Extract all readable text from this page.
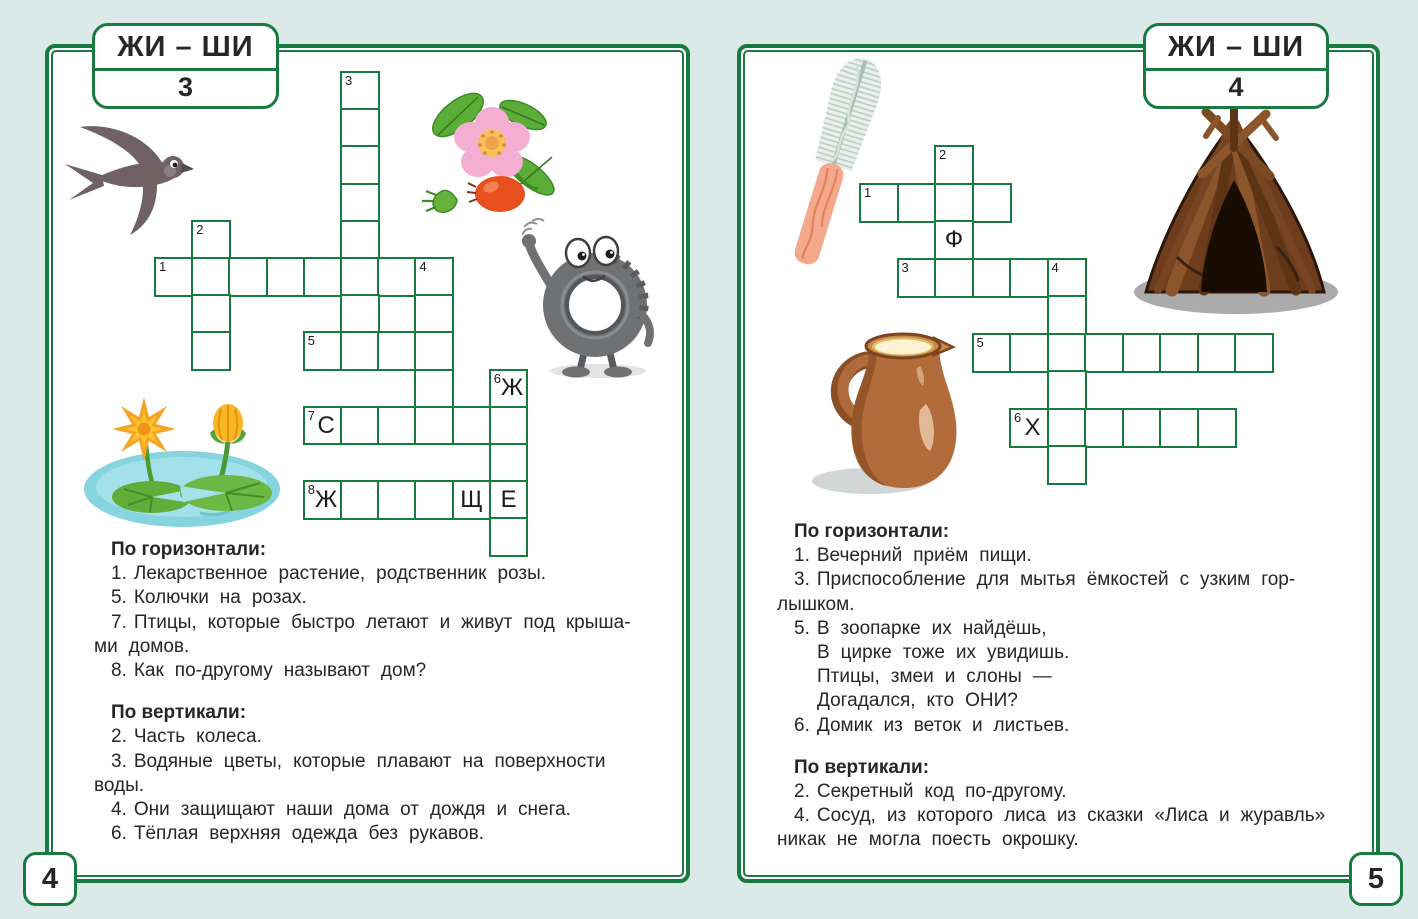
ЖИ – ШИ
3	3
2
1	4
5
6 Ж
7 С
8 Ж	Щ Е
По горизонтали:
1. Лекарственное растение, родственник розы.
5. Колючки на розах.
7. Птицы, которые быстро летают и живут под крыша-
ми домов.
8. Как по-другому называют дом?
По вертикали:
2. Часть колеса.
3. Водяные цветы, которые плавают на поверхности
воды.
4. Они защищают наши дома от дождя и снега.
6. Тёплая верхняя одежда без рукавов.
4
ЖИ – ШИ
4
2
1
Ф
3	4
5
6 Х
По горизонтали:
1. Вечерний приём пищи.
3. Приспособление для мытья ёмкостей с узким гор-
лышком.
5. В зоопарке их найдёшь,
В цирке тоже их увидишь.
Птицы, змеи и слоны —
Догадался, кто ОНИ?
6. Домик из веток и листьев.
По вертикали:
2. Секретный код по-другому.
4. Сосуд, из которого лиса из сказки «Лиса и журавль»
никак не могла поесть окрошку.
5
